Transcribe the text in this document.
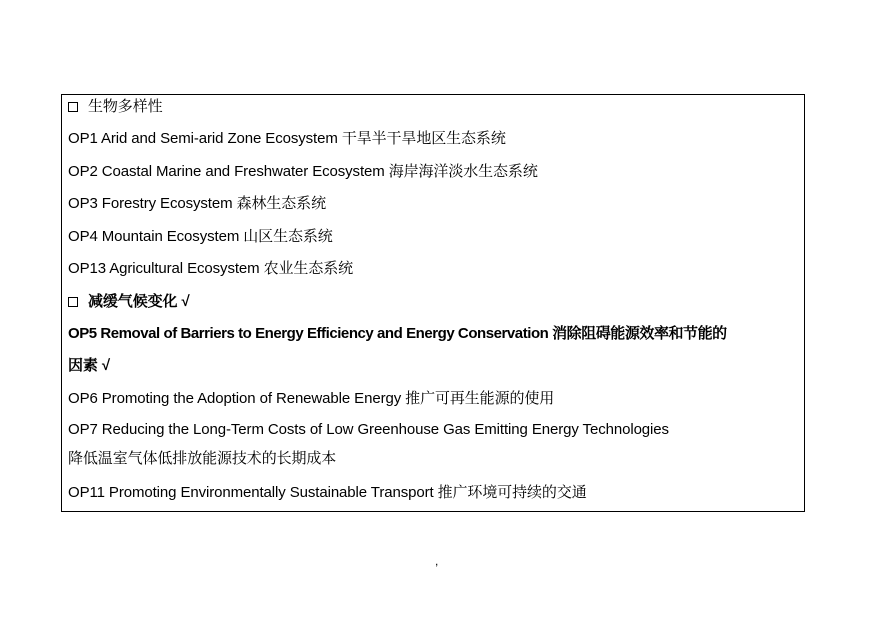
生物多样性
OP1 Arid and Semi-arid Zone Ecosystem 干旱半干旱地区生态系统
OP2 Coastal Marine and Freshwater Ecosystem 海岸海洋淡水生态系统
OP3 Forestry Ecosystem 森林生态系统
OP4 Mountain Ecosystem 山区生态系统
OP13 Agricultural Ecosystem 农业生态系统
减缓气候变化 √
OP5 Removal of Barriers to Energy Efficiency and Energy Conservation 消除阻碍能源效率和节能的
因素 √
OP6 Promoting the Adoption of Renewable Energy 推广可再生能源的使用
OP7 Reducing the Long-Term Costs of Low Greenhouse Gas Emitting Energy Technologies
降低温室气体低排放能源技术的长期成本
OP11 Promoting Environmentally Sustainable Transport 推广环境可持续的交通
,
